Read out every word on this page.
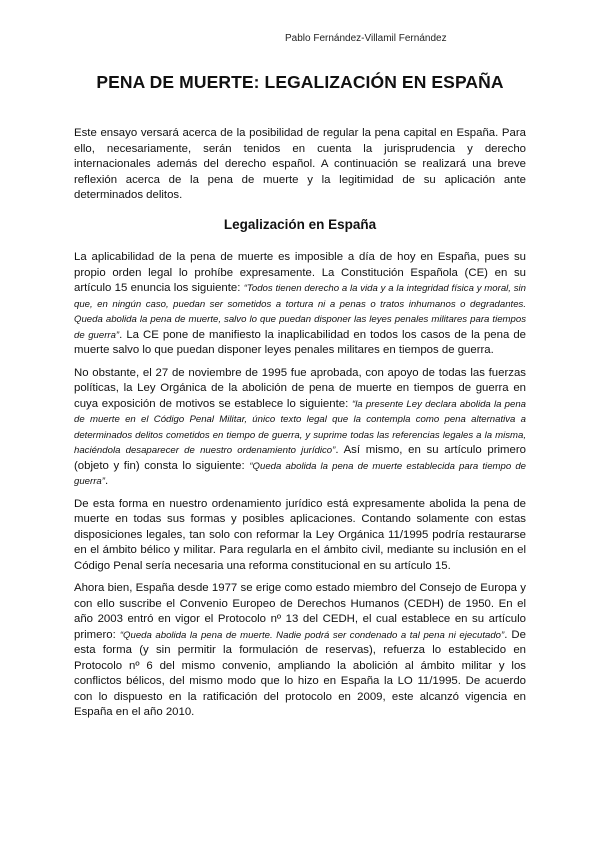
Pablo Fernández-Villamil Fernández
PENA DE MUERTE: LEGALIZACIÓN EN ESPAÑA

Este ensayo versará acerca de la posibilidad de regular la pena capital en España. Para ello, necesariamente, serán tenidos en cuenta la jurisprudencia y derecho internacionales además del derecho español. A continuación se realizará una breve reflexión acerca de la pena de muerte y la legitimidad de su aplicación ante determinados delitos.

Legalización en España

La aplicabilidad de la pena de muerte es imposible a día de hoy en España, pues su propio orden legal lo prohíbe expresamente. La Constitución Española (CE) en su artículo 15 enuncia los siguiente: “Todos tienen derecho a la vida y a la integridad física y moral, sin que, en ningún caso, puedan ser sometidos a tortura ni a penas o tratos inhumanos o degradantes. Queda abolida la pena de muerte, salvo lo que puedan disponer las leyes penales militares para tiempos de guerra”. La CE pone de manifiesto la inaplicabilidad en todos los casos de la pena de muerte salvo lo que puedan disponer leyes penales militares en tiempos de guerra.

No obstante, el 27 de noviembre de 1995 fue aprobada, con apoyo de todas las fuerzas políticas, la Ley Orgánica de la abolición de pena de muerte en tiempos de guerra en cuya exposición de motivos se establece lo siguiente: “la presente Ley declara abolida la pena de muerte en el Código Penal Militar, único texto legal que la contempla como pena alternativa a determinados delitos cometidos en tiempo de guerra, y suprime todas las referencias legales a la misma, haciéndola desaparecer de nuestro ordenamiento jurídico”. Así mismo, en su artículo primero (objeto y fin) consta lo siguiente: “Queda abolida la pena de muerte establecida para tiempo de guerra”.

De esta forma en nuestro ordenamiento jurídico está expresamente abolida la pena de muerte en todas sus formas y posibles aplicaciones. Contando solamente con estas disposiciones legales, tan solo con reformar la Ley Orgánica 11/1995 podría restaurarse en el ámbito bélico y militar. Para regularla en el ámbito civil, mediante su inclusión en el Código Penal sería necesaria una reforma constitucional en su artículo 15.

Ahora bien, España desde 1977 se erige como estado miembro del Consejo de Europa y con ello suscribe el Convenio Europeo de Derechos Humanos (CEDH) de 1950. En el año 2003 entró en vigor el Protocolo nº 13 del CEDH, el cual establece en su artículo primero: “Queda abolida la pena de muerte. Nadie podrá ser condenado a tal pena ni ejecutado”. De esta forma (y sin permitir la formulación de reservas), refuerza lo establecido en Protocolo nº 6 del mismo convenio, ampliando la abolición al ámbito militar y los conflictos bélicos, del mismo modo que lo hizo en España la LO 11/1995. De acuerdo con lo dispuesto en la ratificación del protocolo en 2009, este alcanzó vigencia en España en el año 2010.
